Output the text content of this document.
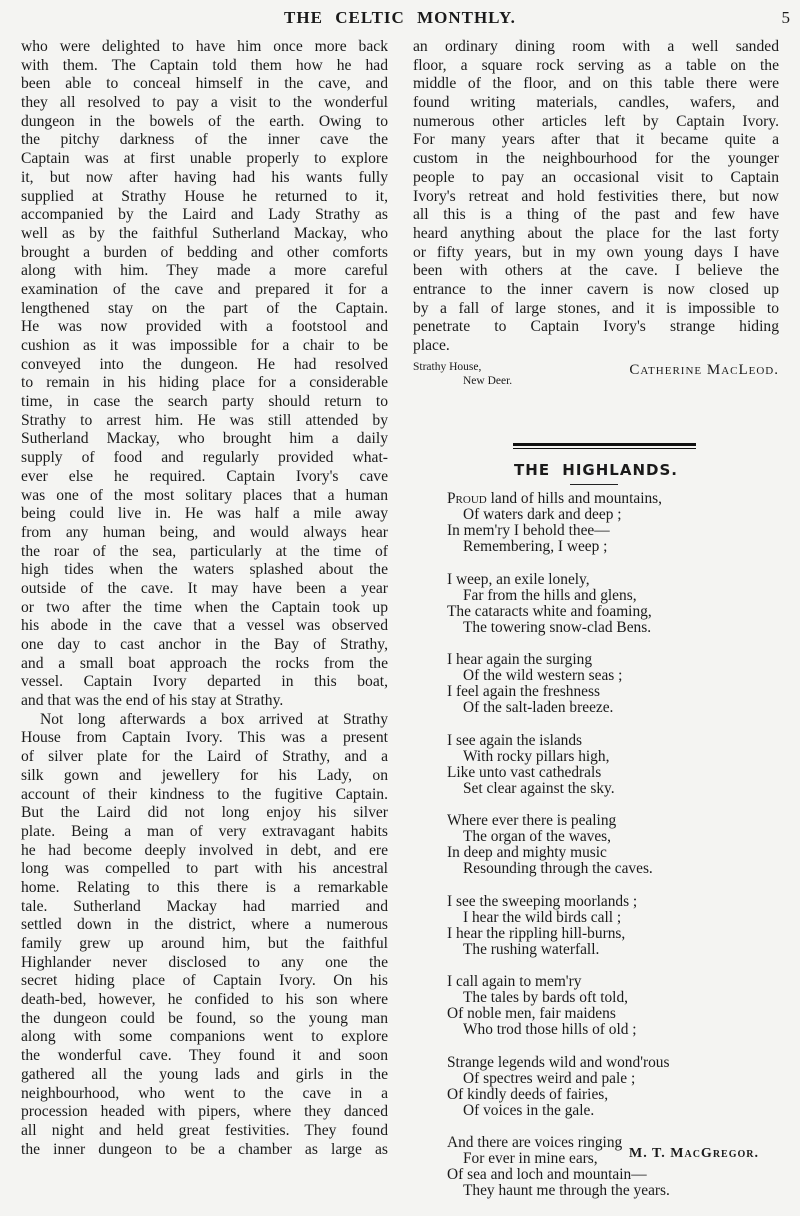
THE CELTIC MONTHLY.	5
who were delighted to have him once more back
with them. The Captain told them how he had
been able to conceal himself in the cave, and
they all resolved to pay a visit to the wonderful
dungeon in the bowels of the earth. Owing to
the pitchy darkness of the inner cave the
Captain was at first unable properly to explore
it, but now after having had his wants fully
supplied at Strathy House he returned to it,
accompanied by the Laird and Lady Strathy as
well as by the faithful Sutherland Mackay, who
brought a burden of bedding and other comforts
along with him. They made a more careful
examination of the cave and prepared it for a
lengthened stay on the part of the Captain.
He was now provided with a footstool and
cushion as it was impossible for a chair to be
conveyed into the dungeon. He had resolved
to remain in his hiding place for a considerable
time, in case the search party should return to
Strathy to arrest him. He was still attended by
Sutherland Mackay, who brought him a daily
supply of food and regularly provided what-
ever else he required. Captain Ivory's cave
was one of the most solitary places that a human
being could live in. He was half a mile away
from any human being, and would always hear
the roar of the sea, particularly at the time of
high tides when the waters splashed about the
outside of the cave. It may have been a year
or two after the time when the Captain took up
his abode in the cave that a vessel was observed
one day to cast anchor in the Bay of Strathy,
and a small boat approach the rocks from the
vessel. Captain Ivory departed in this boat,
and that was the end of his stay at Strathy.
Not long afterwards a box arrived at Strathy
House from Captain Ivory. This was a present
of silver plate for the Laird of Strathy, and a
silk gown and jewellery for his Lady, on
account of their kindness to the fugitive Captain.
But the Laird did not long enjoy his silver
plate. Being a man of very extravagant habits
he had become deeply involved in debt, and ere
long was compelled to part with his ancestral
home. Relating to this there is a remarkable
tale. Sutherland Mackay had married and
settled down in the district, where a numerous
family grew up around him, but the faithful
Highlander never disclosed to any one the
secret hiding place of Captain Ivory. On his
death-bed, however, he confided to his son where
the dungeon could be found, so the young man
along with some companions went to explore
the wonderful cave. They found it and soon
gathered all the young lads and girls in the
neighbourhood, who went to the cave in a
procession headed with pipers, where they danced
all night and held great festivities. They found
the inner dungeon to be a chamber as large as
an ordinary dining room with a well sanded
floor, a square rock serving as a table on the
middle of the floor, and on this table there were
found writing materials, candles, wafers, and
numerous other articles left by Captain Ivory.
For many years after that it became quite a
custom in the neighbourhood for the younger
people to pay an occasional visit to Captain
Ivory's retreat and hold festivities there, but now
all this is a thing of the past and few have
heard anything about the place for the last forty
or fifty years, but in my own young days I have
been with others at the cave. I believe the
entrance to the inner cavern is now closed up
by a fall of large stones, and it is impossible to
penetrate to Captain Ivory's strange hiding
place.
Strathy House,
New Deer.
Catherine MacLeod.
THE HIGHLANDS.
Proud land of hills and mountains,
Of waters dark and deep ;
In mem'ry I behold thee—
Remembering, I weep ;
I weep, an exile lonely,
Far from the hills and glens,
The cataracts white and foaming,
The towering snow-clad Bens.
I hear again the surging
Of the wild western seas ;
I feel again the freshness
Of the salt-laden breeze.
I see again the islands
With rocky pillars high,
Like unto vast cathedrals
Set clear against the sky.
Where ever there is pealing
The organ of the waves,
In deep and mighty music
Resounding through the caves.
I see the sweeping moorlands ;
I hear the wild birds call ;
I hear the rippling hill-burns,
The rushing waterfall.
I call again to mem'ry
The tales by bards oft told,
Of noble men, fair maidens
Who trod those hills of old ;
Strange legends wild and wond'rous
Of spectres weird and pale ;
Of kindly deeds of fairies,
Of voices in the gale.
And there are voices ringing
For ever in mine ears,
Of sea and loch and mountain—
They haunt me through the years.
M. T. MacGregor.
